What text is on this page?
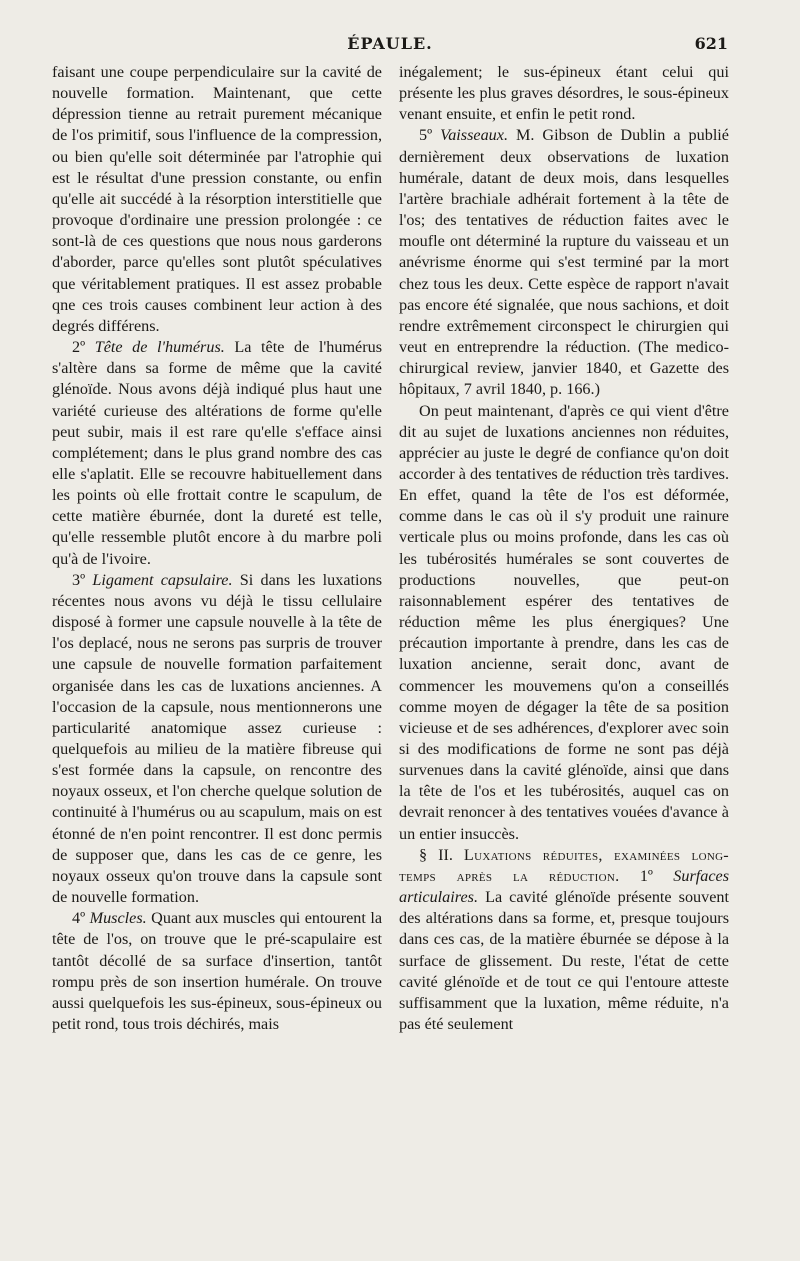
ÉPAULE.	621

faisant une coupe perpendiculaire sur la cavité de nouvelle formation. Maintenant, que cette dépression tienne au retrait purement mécanique de l'os primitif, sous l'influence de la compression, ou bien qu'elle soit déterminée par l'atrophie qui est le résultat d'une pression constante, ou enfin qu'elle ait succédé à la résorption interstitielle que provoque d'ordinaire une pression prolongée : ce sont-là de ces questions que nous nous garderons d'aborder, parce qu'elles sont plutôt spéculatives que véritablement pratiques. Il est assez probable qne ces trois causes combinent leur action à des degrés différens.

2º Tête de l'humérus. La tête de l'humérus s'altère dans sa forme de même que la cavité glénoïde. Nous avons déjà indiqué plus haut une variété curieuse des altérations de forme qu'elle peut subir, mais il est rare qu'elle s'efface ainsi complétement; dans le plus grand nombre des cas elle s'aplatit. Elle se recouvre habituellement dans les points où elle frottait contre le scapulum, de cette matière éburnée, dont la dureté est telle, qu'elle ressemble plutôt encore à du marbre poli qu'à de l'ivoire.

3º Ligament capsulaire. Si dans les luxations récentes nous avons vu déjà le tissu cellulaire disposé à former une capsule nouvelle à la tête de l'os deplacé, nous ne serons pas surpris de trouver une capsule de nouvelle formation parfaitement organisée dans les cas de luxations anciennes. A l'occasion de la capsule, nous mentionnerons une particularité anatomique assez curieuse : quelquefois au milieu de la matière fibreuse qui s'est formée dans la capsule, on rencontre des noyaux osseux, et l'on cherche quelque solution de continuité à l'humérus ou au scapulum, mais on est étonné de n'en point rencontrer. Il est donc permis de supposer que, dans les cas de ce genre, les noyaux osseux qu'on trouve dans la capsule sont de nouvelle formation.

4º Muscles. Quant aux muscles qui entourent la tête de l'os, on trouve que le pré-scapulaire est tantôt décollé de sa surface d'insertion, tantôt rompu près de son insertion humérale. On trouve aussi quelquefois les sus-épineux, sous-épineux ou petit rond, tous trois déchirés, mais

inégalement; le sus-épineux étant celui qui présente les plus graves désordres, le sous-épineux venant ensuite, et enfin le petit rond.

5º Vaisseaux. M. Gibson de Dublin a publié dernièrement deux observations de luxation humérale, datant de deux mois, dans lesquelles l'artère brachiale adhérait fortement à la tête de l'os; des tentatives de réduction faites avec le moufle ont déterminé la rupture du vaisseau et un anévrisme énorme qui s'est terminé par la mort chez tous les deux. Cette espèce de rapport n'avait pas encore été signalée, que nous sachions, et doit rendre extrêmement circonspect le chirurgien qui veut en entreprendre la réduction. (The medico-chirurgical review, janvier 1840, et Gazette des hôpitaux, 7 avril 1840, p. 166.)

On peut maintenant, d'après ce qui vient d'être dit au sujet de luxations anciennes non réduites, apprécier au juste le degré de confiance qu'on doit accorder à des tentatives de réduction très tardives. En effet, quand la tête de l'os est déformée, comme dans le cas où il s'y produit une rainure verticale plus ou moins profonde, dans les cas où les tubérosités humérales se sont couvertes de productions nouvelles, que peut-on raisonnablement espérer des tentatives de réduction même les plus énergiques? Une précaution importante à prendre, dans les cas de luxation ancienne, serait donc, avant de commencer les mouvemens qu'on a conseillés comme moyen de dégager la tête de sa position vicieuse et de ses adhérences, d'explorer avec soin si des modifications de forme ne sont pas déjà survenues dans la cavité glénoïde, ainsi que dans la tête de l'os et les tubérosités, auquel cas on devrait renoncer à des tentatives vouées d'avance à un entier insuccès.

§ II. Luxations réduites, examinées long-temps après la réduction. 1º Surfaces articulaires. La cavité glénoïde présente souvent des altérations dans sa forme, et, presque toujours dans ces cas, de la matière éburnée se dépose à la surface de glissement. Du reste, l'état de cette cavité glénoïde et de tout ce qui l'entoure atteste suffisamment que la luxation, même réduite, n'a pas été seulement
